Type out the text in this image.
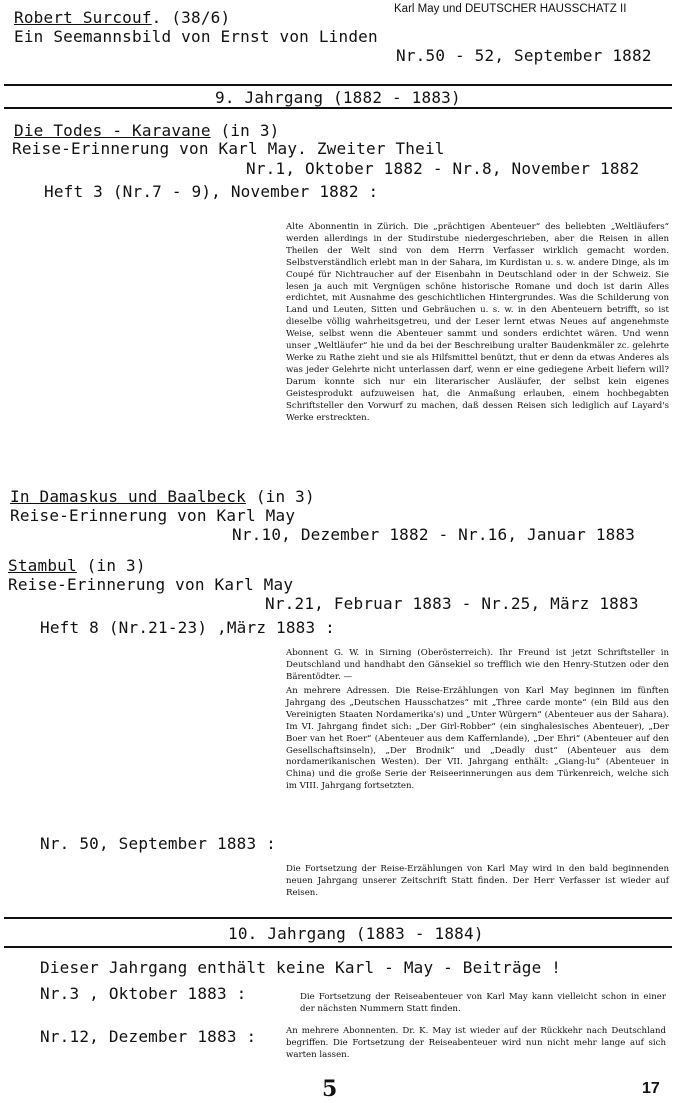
Karl May und DEUTSCHER HAUSSCHATZ II
Robert Surcouf. (38/6)
Ein Seemannsbild von Ernst von Linden
Nr.50 - 52, September 1882
9. Jahrgang (1882 - 1883)
Die Todes - Karavane (in 3)
Reise-Erinnerung von Karl May. Zweiter Theil
Nr.1, Oktober 1882 - Nr.8, November 1882
Heft 3 (Nr.7 - 9), November 1882 :

Alte Abonnentin in Zürich. Die „prächtigen Abenteuer“ des beliebten „Weltläufers“ werden allerdings in der Studirstube niedergeschrieben, aber die Reisen in allen Theilen der Welt sind von dem Herrn Verfasser wirklich gemacht worden. Selbstverständlich erlebt man in der Sahara, im Kurdistan u. s. w. andere Dinge, als im Coupé für Nichtraucher auf der Eisenbahn in Deutschland oder in der Schweiz. Sie lesen ja auch mit Vergnügen schöne historische Romane und doch ist darin Alles erdichtet, mit Ausnahme des geschichtlichen Hintergrundes. Was die Schilderung von Land und Leuten, Sitten und Gebräuchen u. s. w. in den Abenteuern betrifft, so ist dieselbe völlig wahrheitsgetreu, und der Leser lernt etwas Neues auf angenehmste Weise, selbst wenn die Abenteuer sammt und sonders erdichtet wären. Und wenn unser „Weltläufer“ hie und da bei der Beschreibung uralter Baudenkmäler zc. gelehrte Werke zu Rathe zieht und sie als Hilfsmittel benützt, thut er denn da etwas Anderes als was jeder Gelehrte nicht unterlassen darf, wenn er eine gediegene Arbeit liefern will? Darum konnte sich nur ein literarischer Ausläufer, der selbst kein eigenes Geistesprodukt aufzuweisen hat, die Anmaßung erlauben, einem hochbegabten Schriftsteller den Vorwurf zu machen, daß dessen Reisen sich lediglich auf Layard's Werke erstreckten.

In Damaskus und Baalbeck (in 3)
Reise-Erinnerung von Karl May
Nr.10, Dezember 1882 - Nr.16, Januar 1883
Stambul (in 3)
Reise-Erinnerung von Karl May
Nr.21, Februar 1883 - Nr.25, März 1883
Heft 8 (Nr.21-23) ,März 1883 :

Abonnent G. W. in Sirning (Oberösterreich). Ihr Freund ist jetzt Schriftsteller in Deutschland und handhabt den Gänsekiel so trefflich wie den Henry-Stutzen oder den Bärentödter. —

An mehrere Adressen. Die Reise-Erzählungen von Karl May beginnen im fünften Jahrgang des „Deutschen Hausschatzes“ mit „Three carde monte“ (ein Bild aus den Vereinigten Staaten Nordamerika's) und „Unter Würgern“ (Abenteuer aus der Sahara). Im VI. Jahrgang findet sich: „Der Girl-Robber“ (ein singhalesisches Abenteuer), „Der Boer van het Roer“ (Abenteuer aus dem Kaffernlande), „Der Ehri“ (Abenteuer auf den Gesellschaftsinseln), „Der Brodnik“ und „Deadly dust“ (Abenteuer aus dem nordamerikanischen Westen). Der VII. Jahrgang enthält: „Giang-lu“ (Abenteuer in China) und die große Serie der Reiseerinnerungen aus dem Türkenreich, welche sich im VIII. Jahrgang fortsetzten.

Nr. 50, September 1883 :

Die Fortsetzung der Reise-Erzählungen von Karl May wird in den bald beginnenden neuen Jahrgang unserer Zeitschrift Statt finden. Der Herr Verfasser ist wieder auf Reisen.

10. Jahrgang (1883 - 1884)
Dieser Jahrgang enthält keine Karl - May - Beiträge !
Nr.3 , Oktober 1883 :	Die Fortsetzung der Reiseabenteuer von Karl May kann vielleicht schon in einer der nächsten Nummern Statt finden.

Nr.12, Dezember 1883 :	An mehrere Abonnenten. Dr. K. May ist wieder auf der Rückkehr nach Deutschland begriffen. Die Fortsetzung der Reiseabenteuer wird nun nicht mehr lange auf sich warten lassen.

5	17
